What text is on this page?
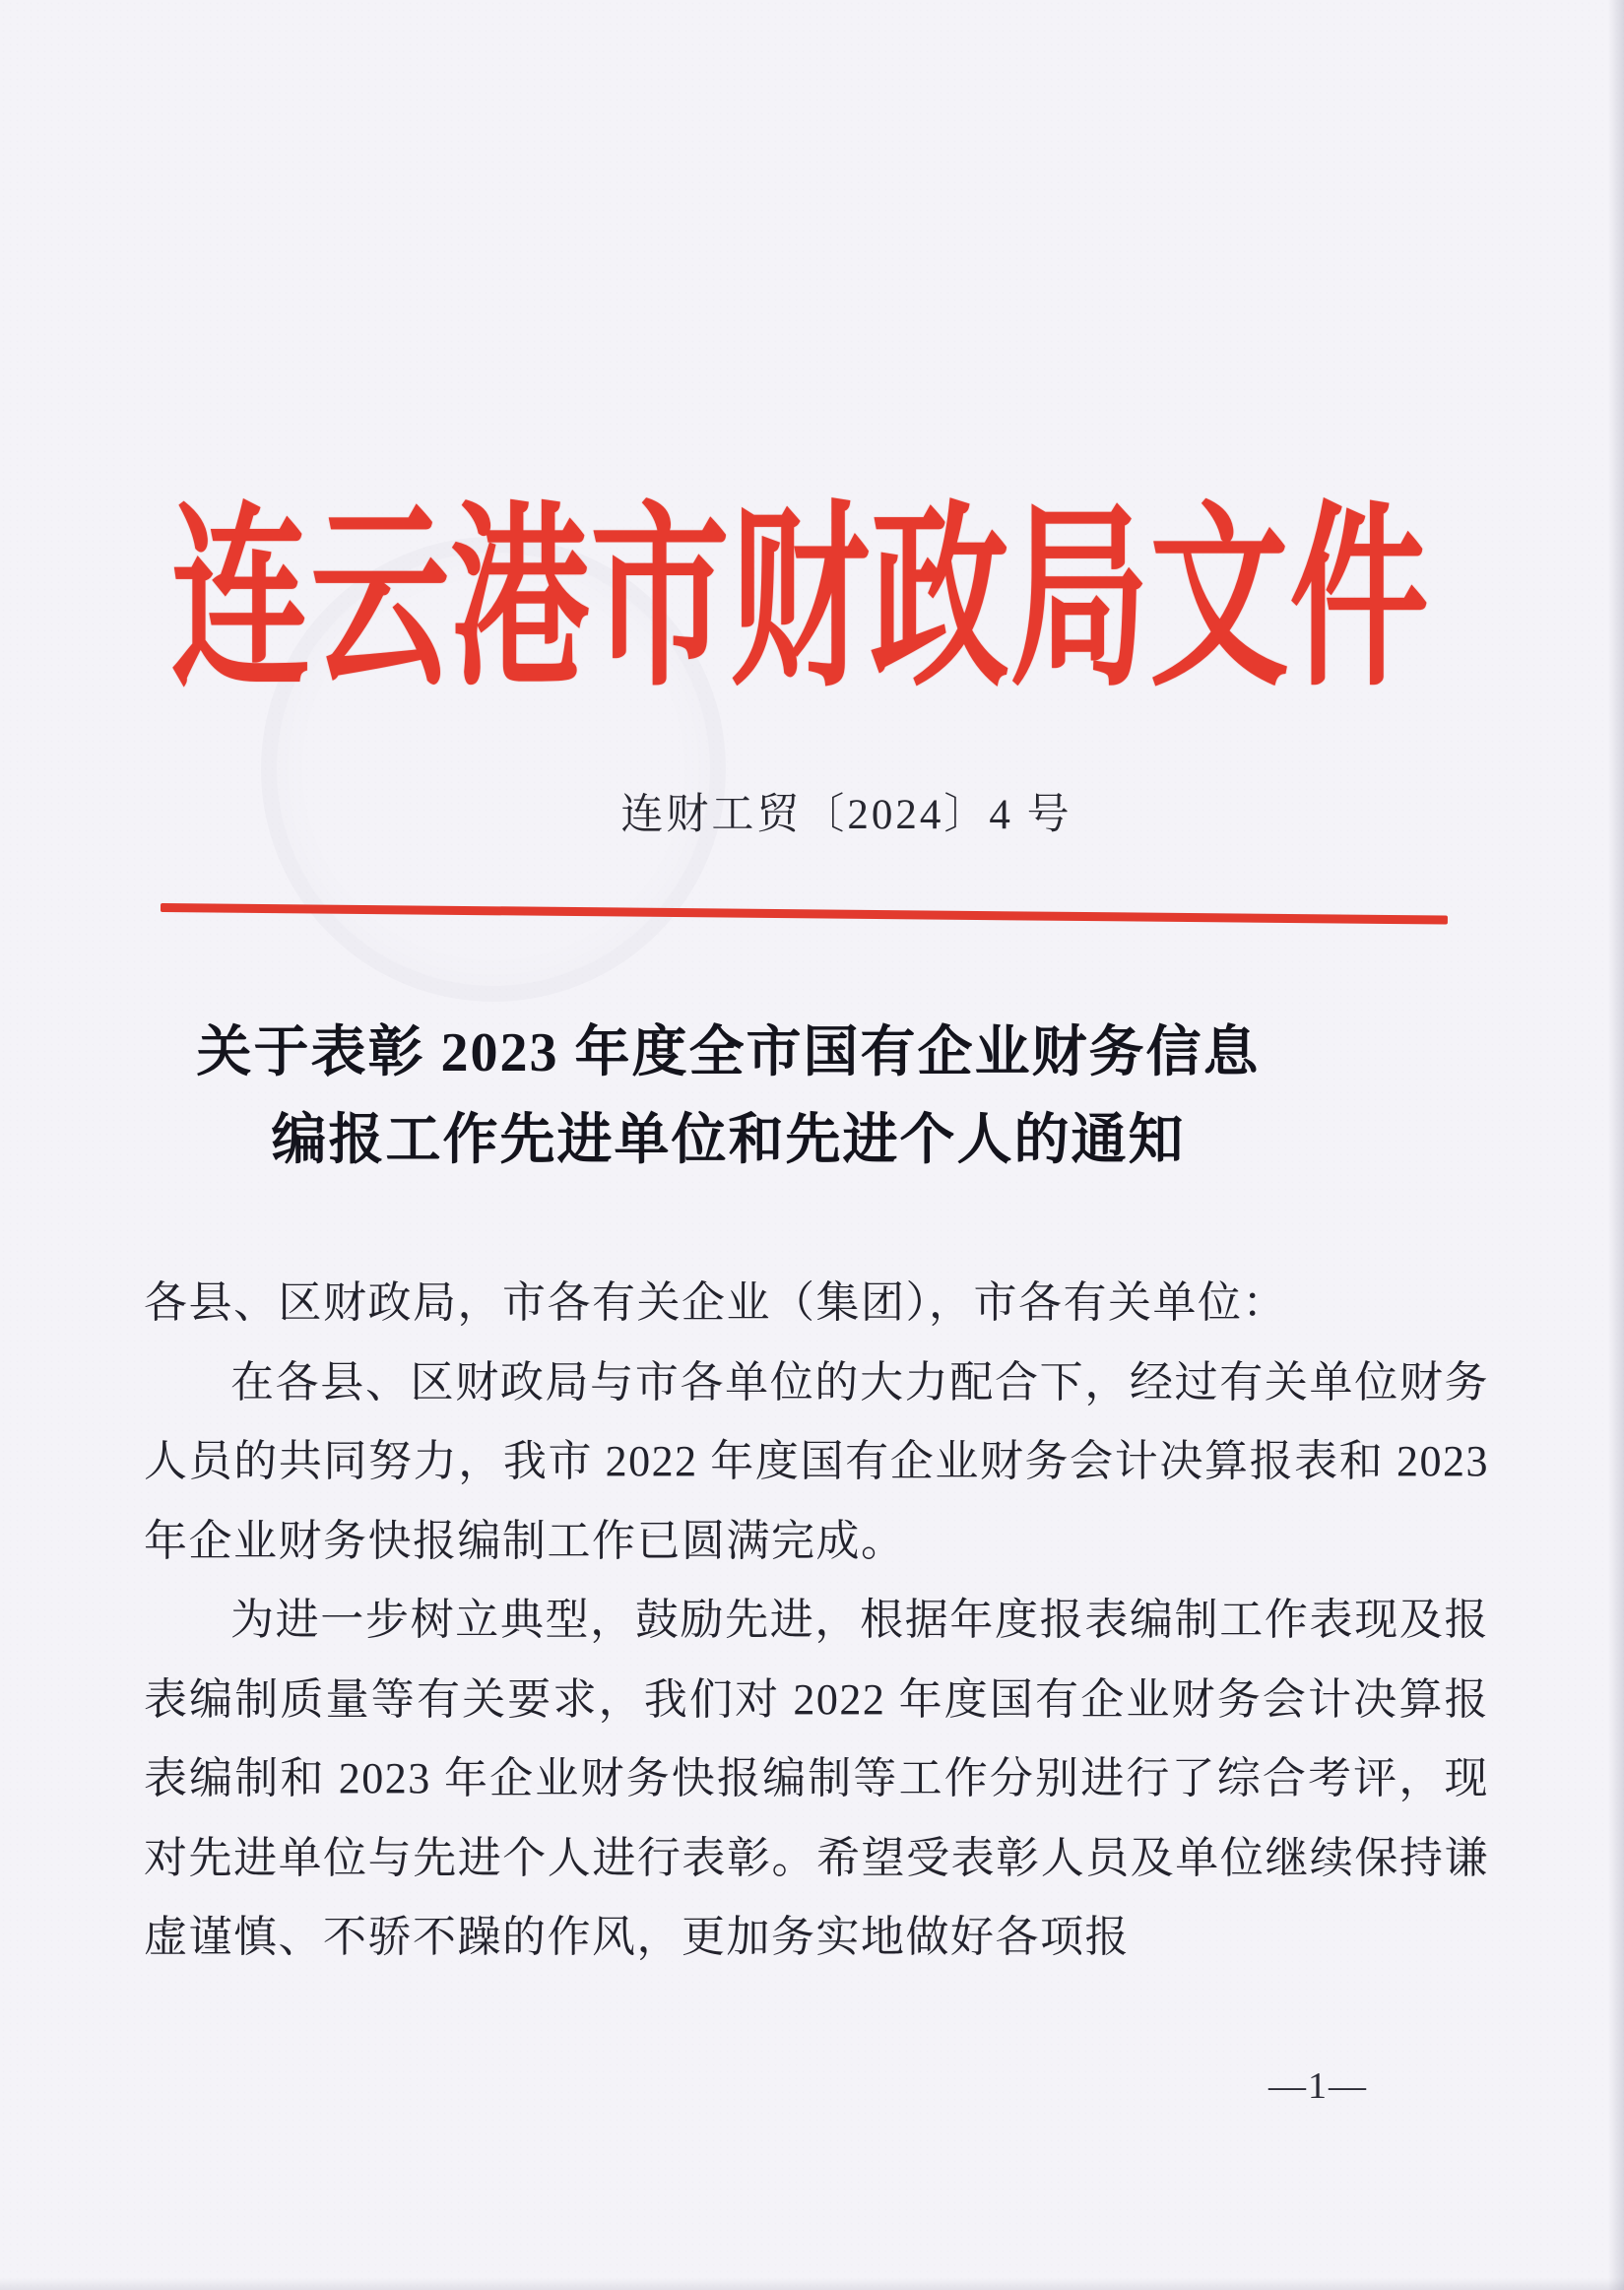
连云港市财政局文件
连财工贸〔2024〕4 号
关于表彰 2023 年度全市国有企业财务信息
编报工作先进单位和先进个人的通知

各县、区财政局，市各有关企业（集团），市各有关单位：

在各县、区财政局与市各单位的大力配合下，经过有关单位财务人员的共同努力，我市 2022 年度国有企业财务会计决算报表和 2023 年企业财务快报编制工作已圆满完成。

为进一步树立典型，鼓励先进，根据年度报表编制工作表现及报表编制质量等有关要求，我们对 2022 年度国有企业财务会计决算报表编制和 2023 年企业财务快报编制等工作分别进行了综合考评，现对先进单位与先进个人进行表彰。希望受表彰人员及单位继续保持谦虚谨慎、不骄不躁的作风，更加务实地做好各项报

—1—
